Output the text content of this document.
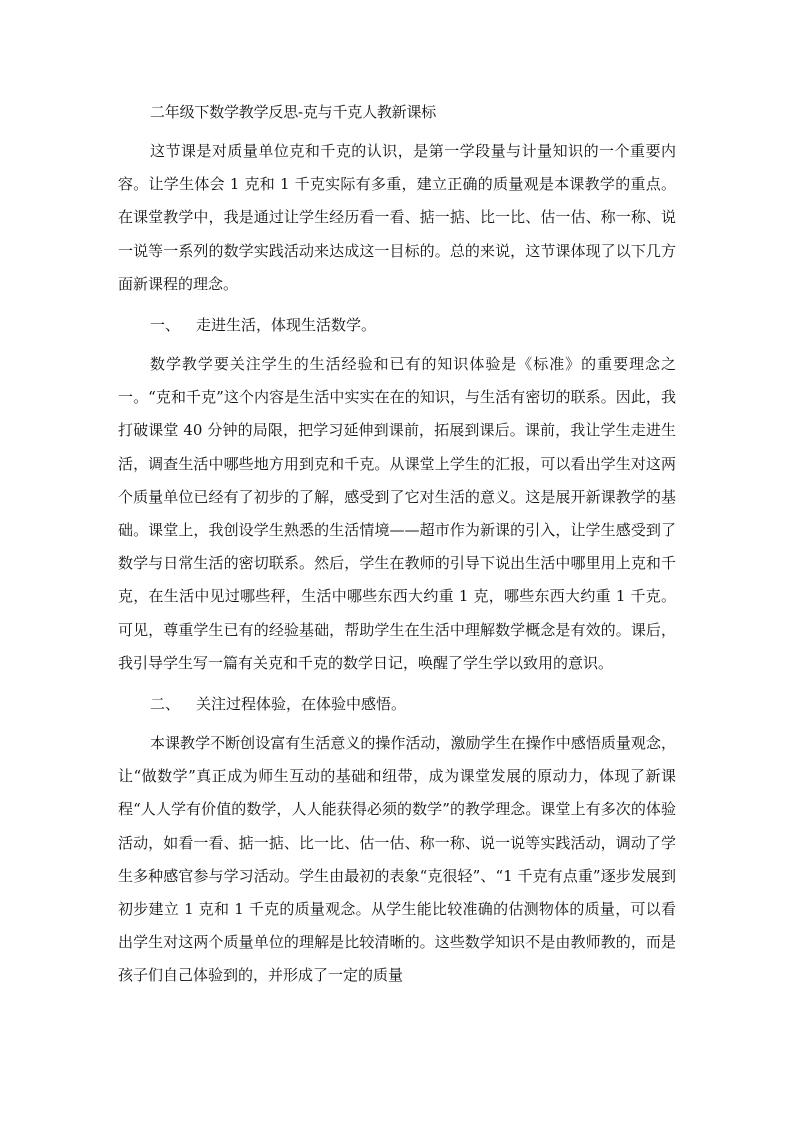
二年级下数学教学反思-克与千克人教新课标

这节课是对质量单位克和千克的认识，是第一学段量与计量知识的一个重要内容。让学生体会 1 克和 1 千克实际有多重，建立正确的质量观是本课教学的重点。在课堂教学中，我是通过让学生经历看一看、掂一掂、比一比、估一估、称一称、说一说等一系列的数学实践活动来达成这一目标的。总的来说，这节课体现了以下几方面新课程的理念。

一、 走进生活，体现生活数学。

数学教学要关注学生的生活经验和已有的知识体验是《标准》的重要理念之一。“克和千克”这个内容是生活中实实在在的知识，与生活有密切的联系。因此，我打破课堂 40 分钟的局限，把学习延伸到课前，拓展到课后。课前，我让学生走进生活，调查生活中哪些地方用到克和千克。从课堂上学生的汇报，可以看出学生对这两个质量单位已经有了初步的了解，感受到了它对生活的意义。这是展开新课教学的基础。课堂上，我创设学生熟悉的生活情境——超市作为新课的引入，让学生感受到了数学与日常生活的密切联系。然后，学生在教师的引导下说出生活中哪里用上克和千克，在生活中见过哪些秤，生活中哪些东西大约重 1 克，哪些东西大约重 1 千克。可见，尊重学生已有的经验基础，帮助学生在生活中理解数学概念是有效的。课后，我引导学生写一篇有关克和千克的数学日记，唤醒了学生学以致用的意识。

二、 关注过程体验，在体验中感悟。

本课教学不断创设富有生活意义的操作活动，激励学生在操作中感悟质量观念，让“做数学”真正成为师生互动的基础和纽带，成为课堂发展的原动力，体现了新课程“人人学有价值的数学，人人能获得必须的数学”的教学理念。课堂上有多次的体验活动，如看一看、掂一掂、比一比、估一估、称一称、说一说等实践活动，调动了学生多种感官参与学习活动。学生由最初的表象“克很轻”、“1 千克有点重”逐步发展到初步建立 1 克和 1 千克的质量观念。从学生能比较准确的估测物体的质量，可以看出学生对这两个质量单位的理解是比较清晰的。这些数学知识不是由教师教的，而是孩子们自己体验到的，并形成了一定的质量
